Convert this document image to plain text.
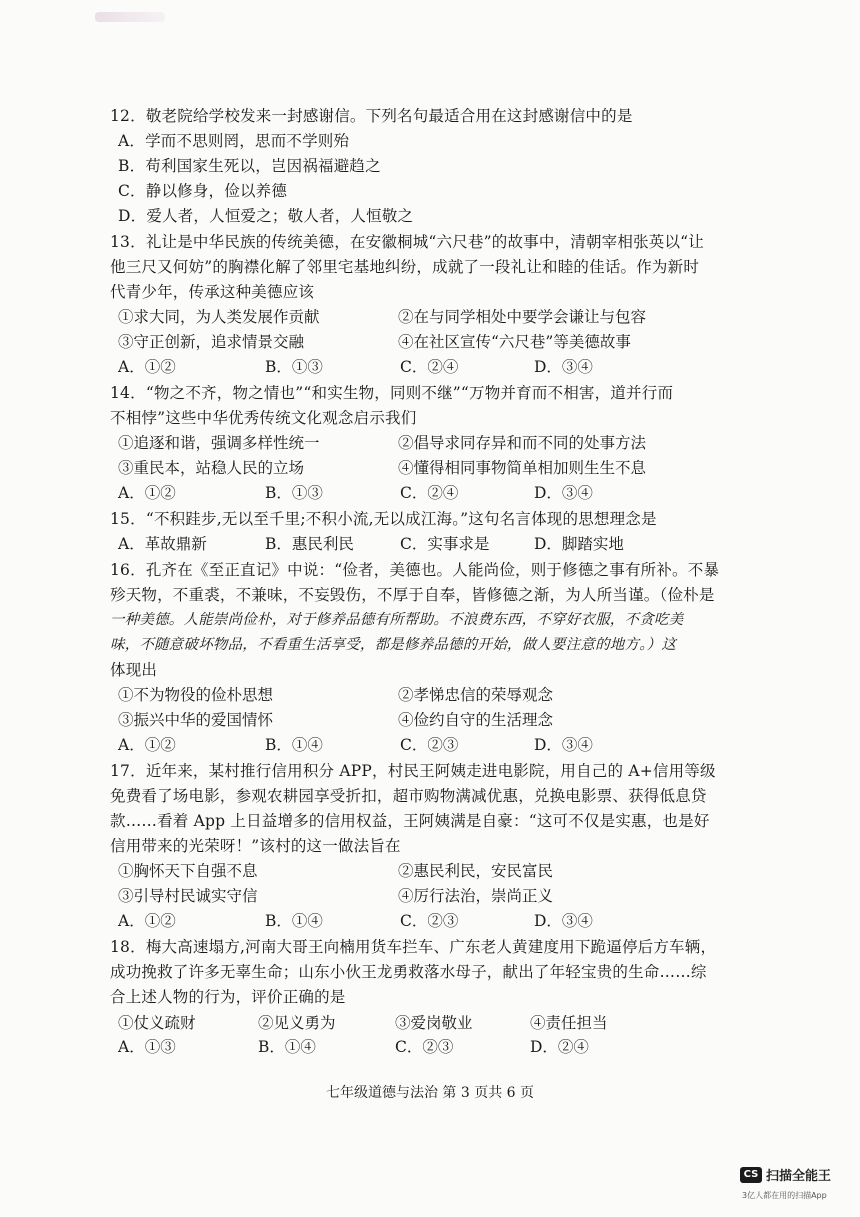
12．敬老院给学校发来一封感谢信。下列名句最适合用在这封感谢信中的是
A．学而不思则罔，思而不学则殆
B．苟利国家生死以，岂因祸福避趋之
C．静以修身，俭以养德
D．爱人者，人恒爱之；敬人者，人恒敬之
13．礼让是中华民族的传统美德，在安徽桐城“六尺巷”的故事中，清朝宰相张英以“让
他三尺又何妨”的胸襟化解了邻里宅基地纠纷，成就了一段礼让和睦的佳话。作为新时
代青少年，传承这种美德应该
①求大同，为人类发展作贡献	②在与同学相处中要学会谦让与包容
③守正创新，追求情景交融	④在社区宣传“六尺巷”等美德故事
A．①②	B．①③	C．②④	D．③④
14．“物之不齐，物之情也”“和实生物，同则不继”“万物并育而不相害，道并行而
不相悖”这些中华优秀传统文化观念启示我们
①追逐和谐，强调多样性统一	②倡导求同存异和而不同的处事方法
③重民本，站稳人民的立场	④懂得相同事物简单相加则生生不息
A．①②	B．①③	C．②④	D．③④
15．“不积跬步,无以至千里;不积小流,无以成江海。”这句名言体现的思想理念是
A．革故鼎新	B．惠民利民	C．实事求是	D．脚踏实地
16．孔齐在《至正直记》中说：“俭者，美德也。人能尚俭，则于修德之事有所补。不暴
殄天物，不重裘，不兼味，不妄毁伤，不厚于自奉，皆修德之渐，为人所当谨。（俭朴是
一种美德。人能崇尚俭朴，对于修养品德有所帮助。不浪费东西，不穿好衣服，不贪吃美
味，不随意破坏物品，不看重生活享受，都是修养品德的开始，做人要注意的地方。）这
体现出
①不为物役的俭朴思想	②孝悌忠信的荣辱观念
③振兴中华的爱国情怀	④俭约自守的生活理念
A．①②	B．①④	C．②③	D．③④
17．近年来，某村推行信用积分 APP，村民王阿姨走进电影院，用自己的 A+信用等级
免费看了场电影，参观农耕园享受折扣，超市购物满减优惠，兑换电影票、获得低息贷
款……看着 App 上日益增多的信用权益，王阿姨满是自豪：“这可不仅是实惠，也是好
信用带来的光荣呀！”该村的这一做法旨在
①胸怀天下自强不息	②惠民利民，安民富民
③引导村民诚实守信	④厉行法治，崇尚正义
A．①②	B．①④	C．②③	D．③④
18．梅大高速塌方,河南大哥王向楠用货车拦车、广东老人黄建度用下跪逼停后方车辆，
成功挽救了许多无辜生命；山东小伙王龙勇救落水母子，献出了年轻宝贵的生命……综
合上述人物的行为，评价正确的是
①仗义疏财	②见义勇为	③爱岗敬业	④责任担当
A．①③	B．①④	C．②③	D．②④
七年级道德与法治 第 3 页共 6 页
CS 扫描全能王
3亿人都在用的扫描App
